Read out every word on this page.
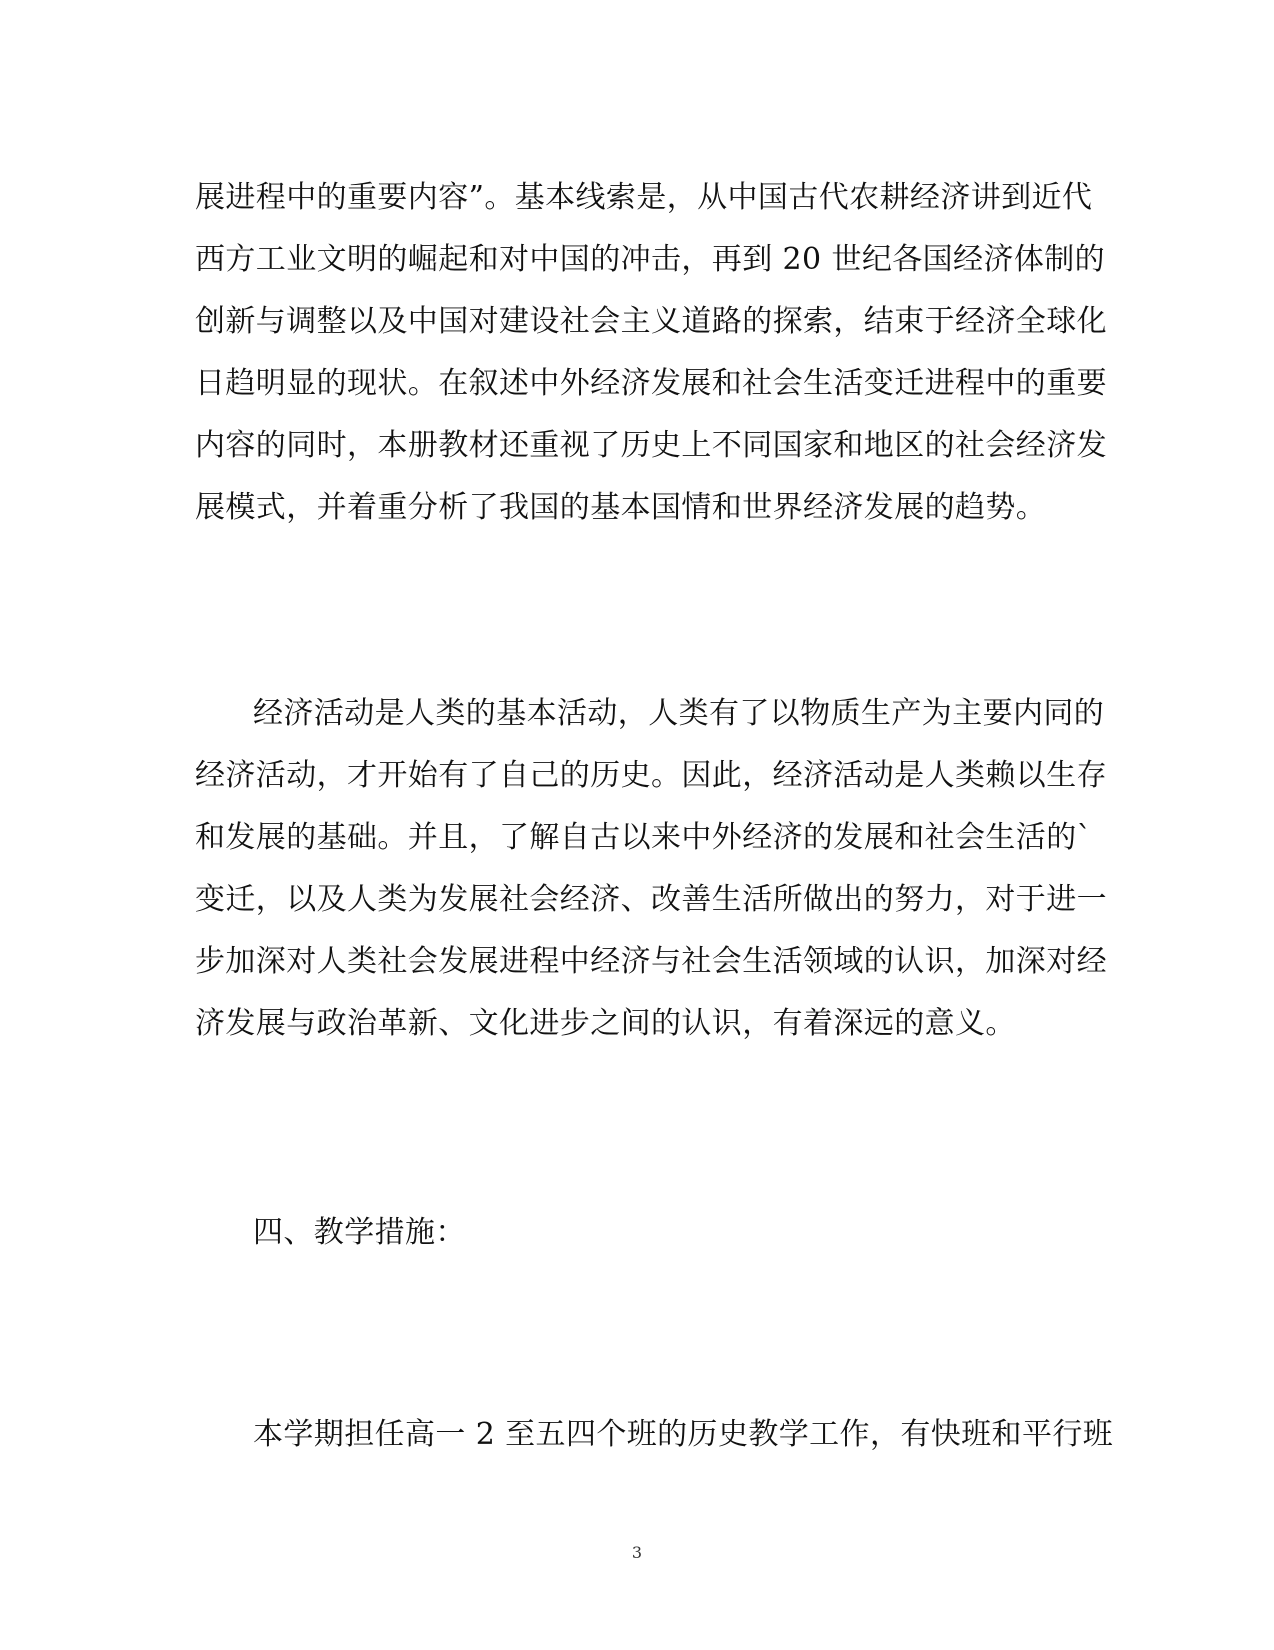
展进程中的重要内容”。基本线索是，从中国古代农耕经济讲到近代
西方工业文明的崛起和对中国的冲击，再到 20 世纪各国经济体制的
创新与调整以及中国对建设社会主义道路的探索，结束于经济全球化
日趋明显的现状。在叙述中外经济发展和社会生活变迁进程中的重要
内容的同时，本册教材还重视了历史上不同国家和地区的社会经济发
展模式，并着重分析了我国的基本国情和世界经济发展的趋势。
经济活动是人类的基本活动，人类有了以物质生产为主要内同的
经济活动，才开始有了自己的历史。因此，经济活动是人类赖以生存
和发展的基础。并且，了解自古以来中外经济的发展和社会生活的`
变迁，以及人类为发展社会经济、改善生活所做出的努力，对于进一
步加深对人类社会发展进程中经济与社会生活领域的认识，加深对经
济发展与政治革新、文化进步之间的认识，有着深远的意义。
四、教学措施：
本学期担任高一 2 至五四个班的历史教学工作，有快班和平行班
3
